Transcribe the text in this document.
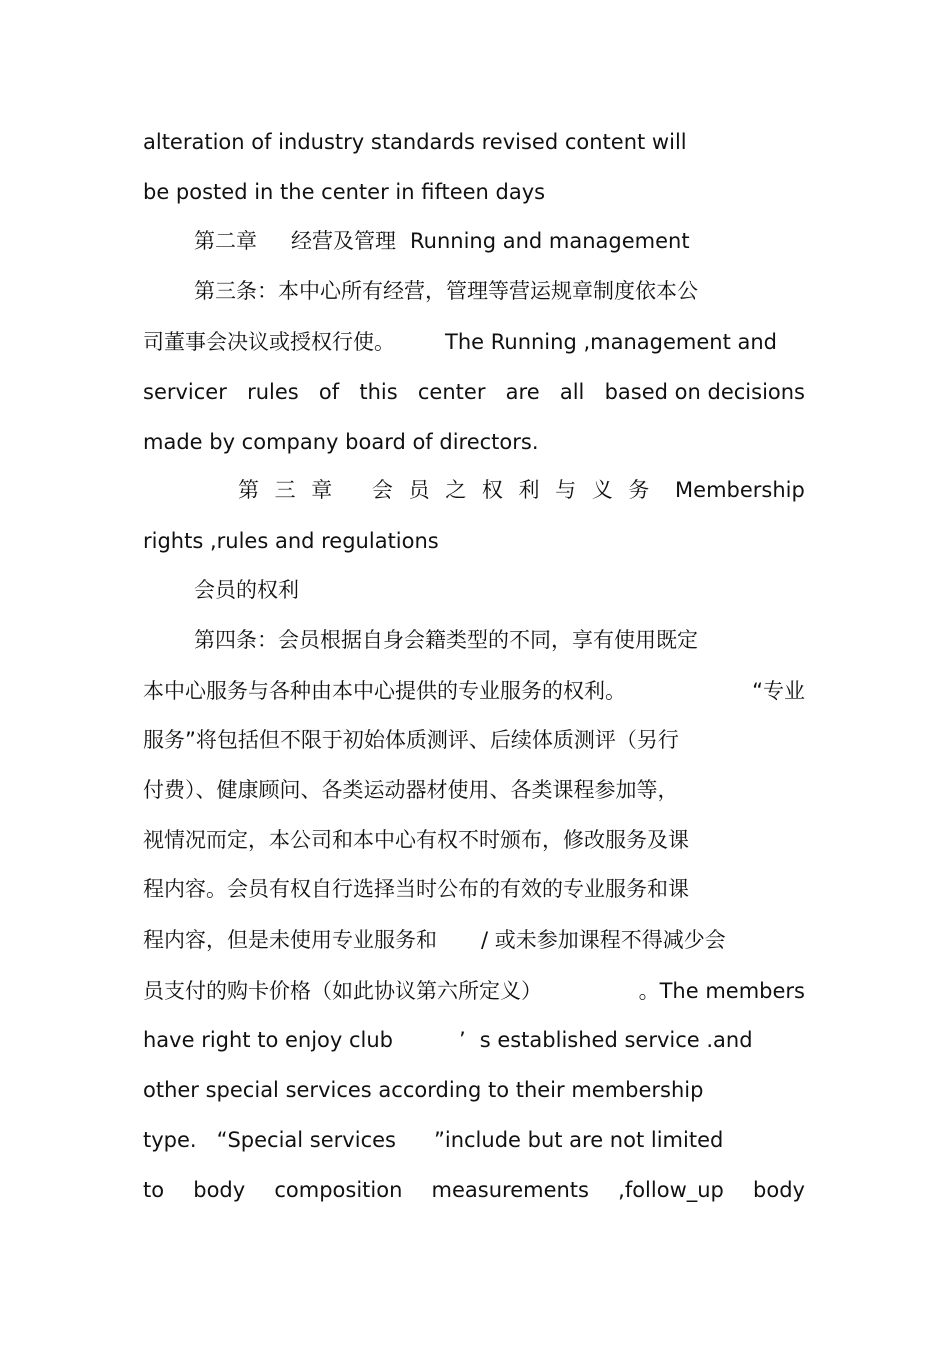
alteration of industry standards revised content will
be posted in the center in fifteen days
第二章 经营及管理 Running and management
第三条：本中心所有经营，管理等营运规章制度依本公
司董事会决议或授权行使。 The Running ,management and
servicer rules of this center are all based on decisions
made by company board of directors.
第 三 章 会 员 之 权 利 与 义 务 Membership
rights ,rules and regulations
会员的权利
第四条：会员根据自身会籍类型的不同，享有使用既定
本中心服务与各种由本中心提供的专业服务的权利。	“专业
服务”将包括但不限于初始体质测评、后续体质测评（另行
付费）、健康顾问、各类运动器材使用、各类课程参加等，
视情况而定，本公司和本中心有权不时颁布，修改服务及课
程内容。会员有权自行选择当时公布的有效的专业服务和课
程内容，但是未使用专业服务和 / 或未参加课程不得减少会
员支付的购卡价格（如此协议第六所定义）	。The members
have right to enjoy club	’ s established service .and
other special services according to their membership
type. “Special services ”include but are not limited
to body composition measurements ,follow_up body
